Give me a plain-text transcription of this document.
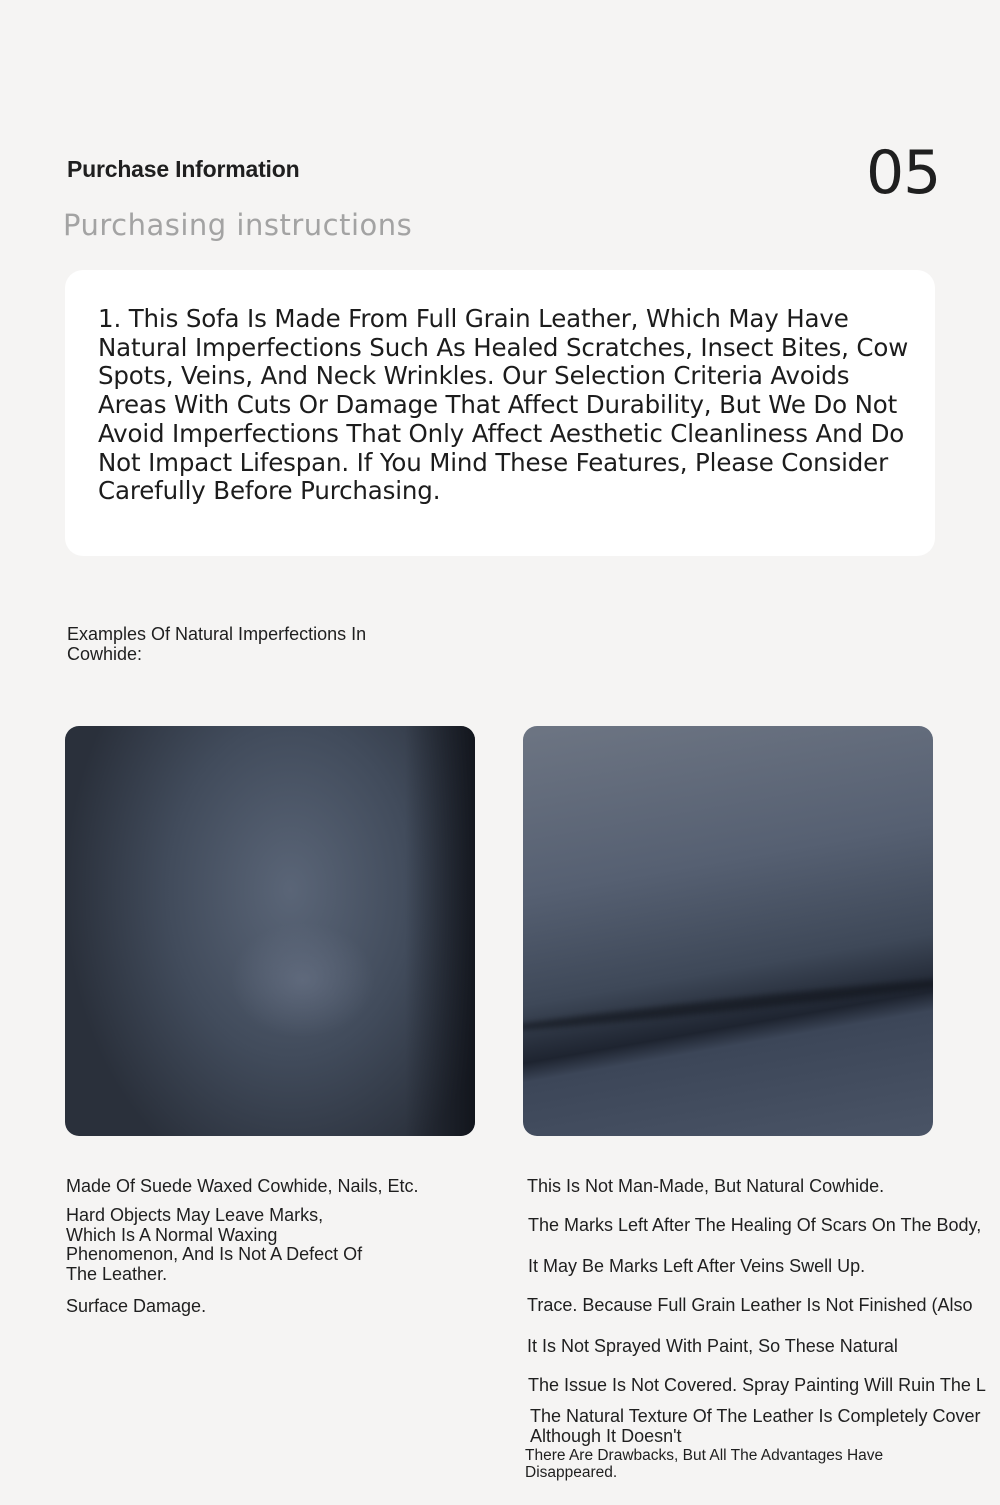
Purchase Information	05
Purchasing instructions
1. This Sofa Is Made From Full Grain Leather, Which May Have Natural Imperfections Such As Healed Scratches, Insect Bites, Cow Spots, Veins, And Neck Wrinkles. Our Selection Criteria Avoids Areas With Cuts Or Damage That Affect Durability, But We Do Not Avoid Imperfections That Only Affect Aesthetic Cleanliness And Do Not Impact Lifespan. If You Mind These Features, Please Consider Carefully Before Purchasing.
Examples Of Natural Imperfections In Cowhide:
Made Of Suede Waxed Cowhide, Nails, Etc.
Hard Objects May Leave Marks,
Which Is A Normal Waxing
Phenomenon, And Is Not A Defect Of
The Leather.
Surface Damage.
This Is Not Man-Made, But Natural Cowhide.
The Marks Left After The Healing Of Scars On The Body,
It May Be Marks Left After Veins Swell Up.
Trace. Because Full Grain Leather Is Not Finished (Also
It Is Not Sprayed With Paint, So These Natural
The Issue Is Not Covered. Spray Painting Will Ruin The L
The Natural Texture Of The Leather Is Completely Cover
Although It Doesn't
There Are Drawbacks, But All The Advantages Have
Disappeared.
